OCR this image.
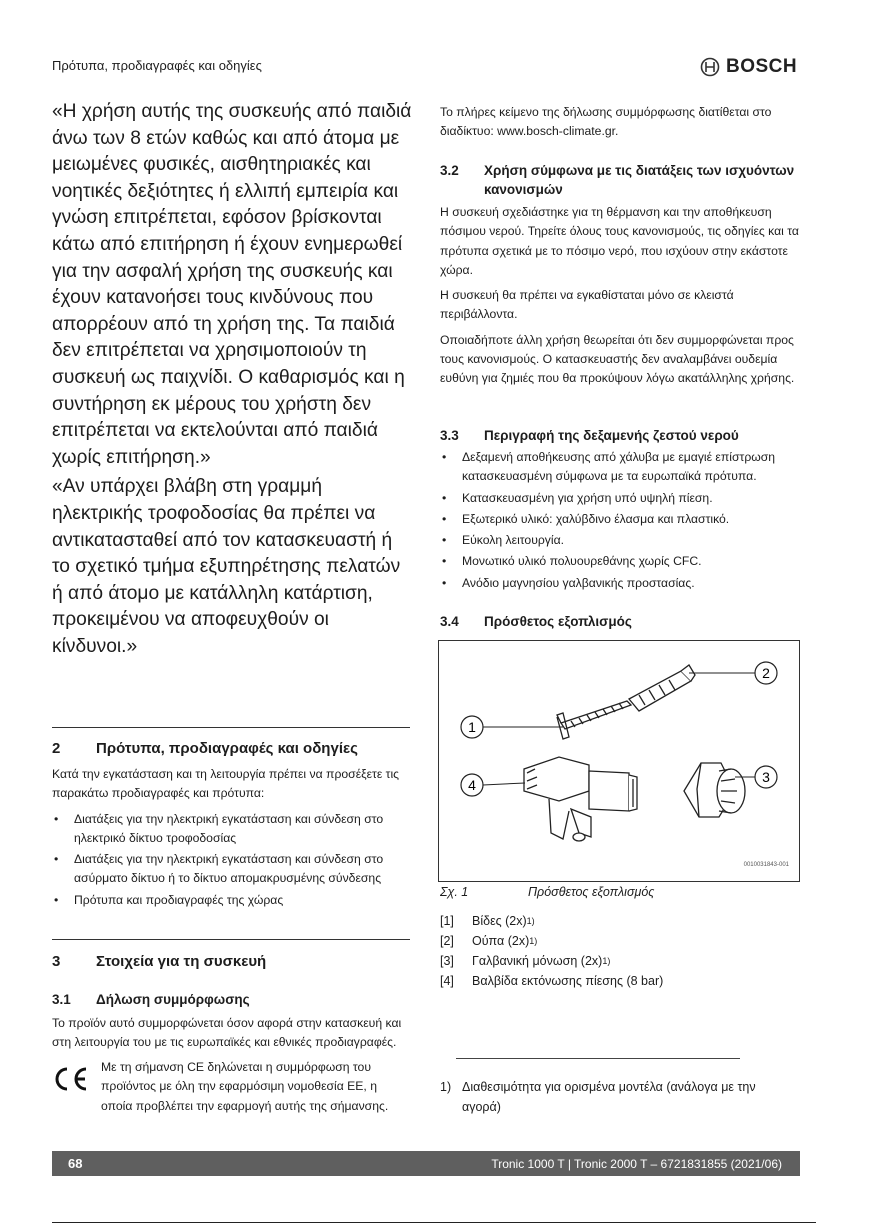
Πρότυπα, προδιαγραφές και οδηγίες	BOSCH

«Η χρήση αυτής της συσκευής από παιδιά άνω των 8 ετών καθώς και από άτομα με μειωμένες φυσικές, αισθητηριακές και νοητικές δεξιότητες ή ελλιπή εμπειρία και γνώση επιτρέπεται, εφόσον βρίσκονται κάτω από επιτήρηση ή έχουν ενημερωθεί για την ασφαλή χρήση της συσκευής και έχουν κατανοήσει τους κινδύνους που απορρέουν από τη χρήση της. Τα παιδιά δεν επιτρέπεται να χρησιμοποιούν τη συσκευή ως παιχνίδι. Ο καθαρισμός και η συντήρηση εκ μέρους του χρήστη δεν επιτρέπεται να εκτελούνται από παιδιά χωρίς επιτήρηση.»

«Αν υπάρχει βλάβη στη γραμμή ηλεκτρικής τροφοδοσίας θα πρέπει να αντικατασταθεί από τον κατασκευαστή ή το σχετικό τμήμα εξυπηρέτησης πελατών ή από άτομο με κατάλληλη κατάρτιση, προκειμένου να αποφευχθούν οι κίνδυνοι.»

2	Πρότυπα, προδιαγραφές και οδηγίες

Κατά την εγκατάσταση και τη λειτουργία πρέπει να προσέξετε τις παρακάτω προδιαγραφές και πρότυπα:

• Διατάξεις για την ηλεκτρική εγκατάσταση και σύνδεση στο ηλεκτρικό δίκτυο τροφοδοσίας
• Διατάξεις για την ηλεκτρική εγκατάσταση και σύνδεση στο ασύρματο δίκτυο ή το δίκτυο απομακρυσμένης σύνδεσης
• Πρότυπα και προδιαγραφές της χώρας
3	Στοιχεία για τη συσκευή
3.1	Δήλωση συμμόρφωσης
Το προϊόν αυτό συμμορφώνεται όσον αφορά στην κατασκευή και στη λειτουργία του με τις ευρωπαϊκές και εθνικές προδιαγραφές.
Με τη σήμανση CE δηλώνεται η συμμόρφωση του προϊόντος με όλη την εφαρμόσιμη νομοθεσία ΕΕ, η οποία προβλέπει την εφαρμογή αυτής της σήμανσης.
Το πλήρες κείμενο της δήλωσης συμμόρφωσης διατίθεται στο διαδίκτυο: www.bosch-climate.gr.
3.2	Χρήση σύμφωνα με τις διατάξεις των ισχυόντων κανονισμών

Η συσκευή σχεδιάστηκε για τη θέρμανση και την αποθήκευση πόσιμου νερού. Τηρείτε όλους τους κανονισμούς, τις οδηγίες και τα πρότυπα σχετικά με το πόσιμο νερό, που ισχύουν στην εκάστοτε χώρα.

Η συσκευή θα πρέπει να εγκαθίσταται μόνο σε κλειστά περιβάλλοντα.

Οποιαδήποτε άλλη χρήση θεωρείται ότι δεν συμμορφώνεται προς τους κανονισμούς. Ο κατασκευαστής δεν αναλαμβάνει ουδεμία ευθύνη για ζημιές που θα προκύψουν λόγω ακατάλληλης χρήσης.

3.3	Περιγραφή της δεξαμενής ζεστού νερού
• Δεξαμενή αποθήκευσης από χάλυβα με εμαγιέ επίστρωση κατασκευασμένη σύμφωνα με τα ευρωπαϊκά πρότυπα.
• Κατασκευασμένη για χρήση υπό υψηλή πίεση.
• Εξωτερικό υλικό: χαλύβδινο έλασμα και πλαστικό.
• Εύκολη λειτουργία.
• Μονωτικό υλικό πολυουρεθάνης χωρίς CFC.
• Ανόδιο μαγνησίου γαλβανικής προστασίας.
3.4	Πρόσθετος εξοπλισμός
1
2
3
4
0010031843-001
Σχ. 1	Πρόσθετος εξοπλισμός
[1]	Βίδες (2x) 1)
[2]	Ούπα (2x) 1)
[3]	Γαλβανική μόνωση (2x) 1)
[4]	Βαλβίδα εκτόνωσης πίεσης (8 bar)
1) Διαθεσιμότητα για ορισμένα μοντέλα (ανάλογα με την αγορά)
68	Tronic 1000 T | Tronic 2000 T – 6721831855 (2021/06)
